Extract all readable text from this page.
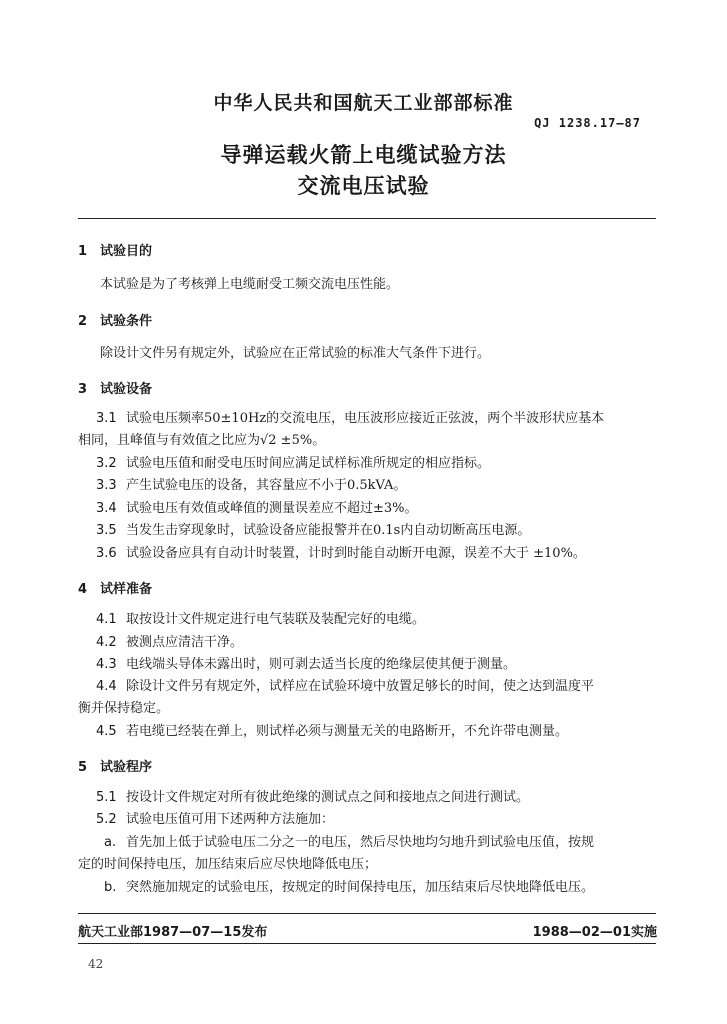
中华人民共和国航天工业部部标准
QJ 1238.17—87
导弹运载火箭上电缆试验方法
交流电压试验
1 试验目的
本试验是为了考核弹上电缆耐受工频交流电压性能。
2 试验条件
除设计文件另有规定外，试验应在正常试验的标准大气条件下进行。
3 试验设备
3.1 试验电压频率50±10Hz的交流电压，电压波形应接近正弦波，两个半波形状应基本
相同，且峰值与有效值之比应为√2 ±5%。
3.2 试验电压值和耐受电压时间应满足试样标准所规定的相应指标。
3.3 产生试验电压的设备，其容量应不小于0.5kVA。
3.4 试验电压有效值或峰值的测量误差应不超过±3%。
3.5 当发生击穿现象时，试验设备应能报警并在0.1s内自动切断高压电源。
3.6 试验设备应具有自动计时装置，计时到时能自动断开电源，误差不大于 ±10%。
4 试样准备
4.1 取按设计文件规定进行电气装联及装配完好的电缆。
4.2 被测点应清洁干净。
4.3 电线端头导体未露出时，则可剥去适当长度的绝缘层使其便于测量。
4.4 除设计文件另有规定外，试样应在试验环境中放置足够长的时间，使之达到温度平
衡并保持稳定。
4.5 若电缆已经装在弹上，则试样必须与测量无关的电路断开，不允许带电测量。
5 试验程序
5.1 按设计文件规定对所有彼此绝缘的测试点之间和接地点之间进行测试。
5.2 试验电压值可用下述两种方法施加：
a. 首先加上低于试验电压二分之一的电压，然后尽快地均匀地升到试验电压值，按规
定的时间保持电压，加压结束后应尽快地降低电压；
b. 突然施加规定的试验电压，按规定的时间保持电压，加压结束后尽快地降低电压。
航天工业部1987—07—15发布	1988—02—01实施
42
